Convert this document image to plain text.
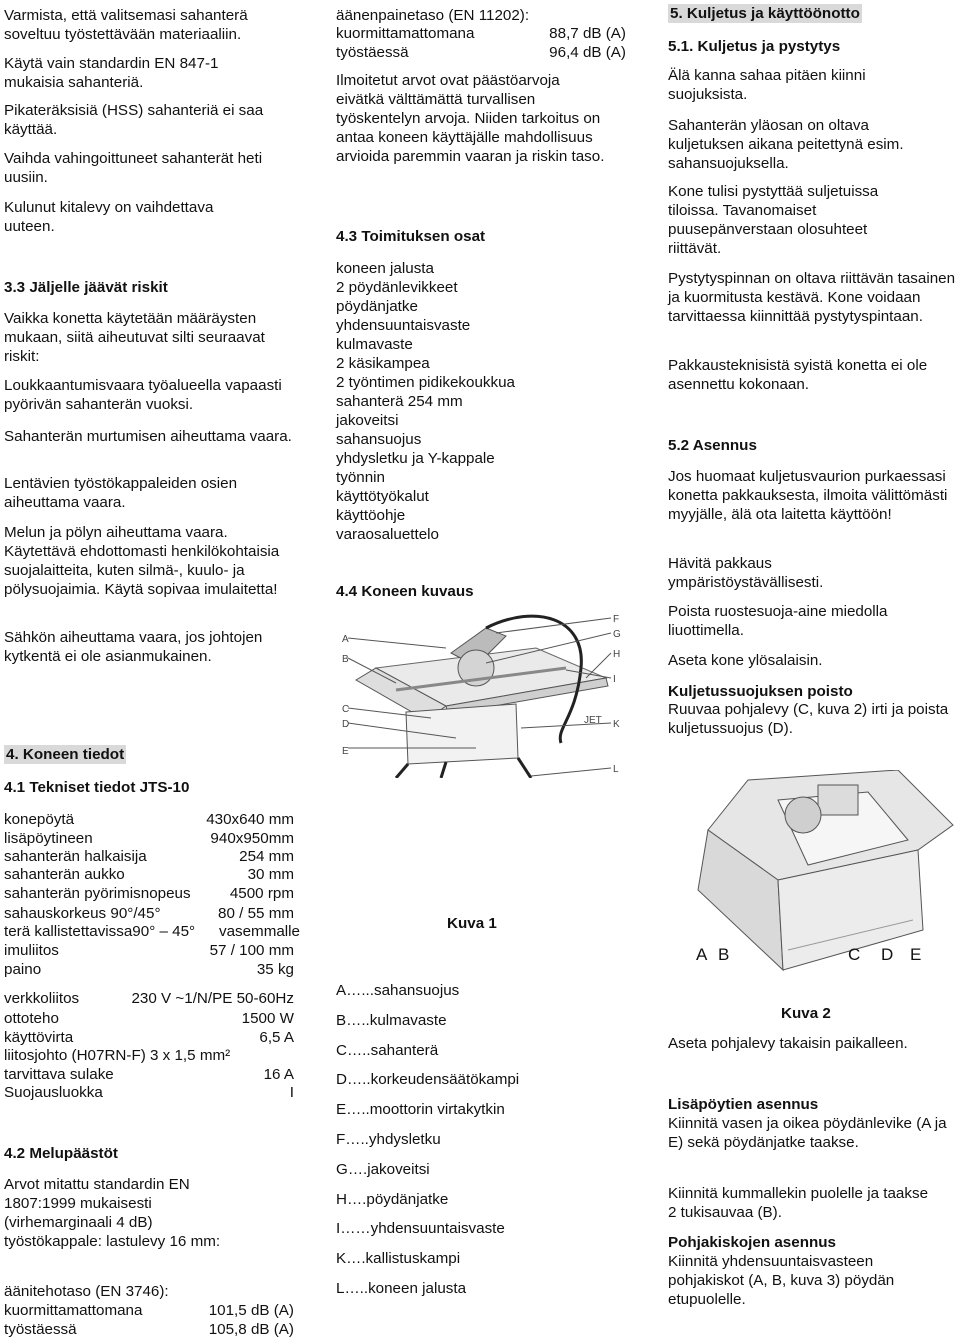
Varmista, että valitsemasi sahanterä soveltuu työstettävään materiaaliin.

Käytä vain standardin EN 847-1 mukaisia sahanteriä.

Pikateräksisiä (HSS) sahanteriä ei saa käyttää.

Vaihda vahingoittuneet sahanterät heti uusiin.

Kulunut kitalevy on vaihdettava uuteen.

3.3 Jäljelle jäävät riskit

Vaikka konetta käytetään määräysten mukaan, siitä aiheutuvat silti seuraavat riskit:

Loukkaantumisvaara työalueella vapaasti pyörivän sahanterän vuoksi.

Sahanterän murtumisen aiheuttama vaara.

Lentävien työstökappaleiden osien aiheuttama vaara.

Melun ja pölyn aiheuttama vaara. Käytettävä ehdottomasti henkilökohtaisia suojalaitteita, kuten silmä-, kuulo- ja pölysuojaimia. Käytä sopivaa imulaitetta!

Sähkön aiheuttama vaara, jos johtojen kytkentä ei ole asianmukainen.

4. Koneen tiedot

4.1 Tekniset tiedot JTS-10

konepöytä	430x640 mm
lisäpöytineen	940x950mm
sahanterän halkaisija	254 mm
sahanterän aukko	30 mm
sahanterän pyörimisnopeus	4500 rpm
sahauskorkeus 90°/45°	80 / 55 mm
terä kallistettavissa90° – 45° vasemmalle
imuliitos	57 / 100 mm
paino	35 kg
verkkoliitos	230 V ~1/N/PE 50-60Hz
ottoteho	1500 W
käyttövirta	6,5 A
liitosjohto (H07RN-F) 3 x 1,5 mm²
tarvittava sulake	16 A
Suojausluokka	I

4.2 Melupäästöt

Arvot mitattu standardin EN 1807:1999 mukaisesti (virhemarginaali 4 dB) työstökappale: lastulevy 16 mm:

äänitehotaso (EN 3746):

kuormittamattomana	101,5 dB (A)
työstäessä	105,8 dB (A)

äänenpainetaso (EN 11202):

kuormittamattomana	88,7 dB (A)
työstäessä	96,4 dB (A)

Ilmoitetut arvot ovat päästöarvoja eivätkä välttämättä turvallisen työskentelyn arvoja. Niiden tarkoitus on antaa koneen käyttäjälle mahdollisuus arvioida paremmin vaaran ja riskin taso.

4.3 Toimituksen osat

koneen jalusta

2 pöydänlevikkeet

pöydänjatke

yhdensuuntaisvaste

kulmavaste

2 käsikampea

2 työntimen pidikekoukkua

sahanterä 254 mm

jakoveitsi

sahansuojus

yhdysletku ja Y-kappale

työnnin

käyttötyökalut

käyttöohje

varaosaluettelo

4.4 Koneen kuvaus

JET
A
B
C
D
E
F
G
H
I
K
L

Kuva 1

A…...sahansuojus

B…..kulmavaste

C…..sahanterä

D…..korkeudensäätökampi

E…..moottorin virtakytkin

F…..yhdysletku

G….jakoveitsi

H….pöydänjatke

I……yhdensuuntaisvaste

K….kallistuskampi

L…..koneen jalusta

5. Kuljetus ja käyttöönotto

5.1. Kuljetus ja pystytys

Älä kanna sahaa pitäen kiinni suojuksista.

Sahanterän yläosan on oltava kuljetuksen aikana peitettynä esim. sahansuojuksella.

Kone tulisi pystyttää suljetuissa tiloissa. Tavanomaiset puusepänverstaan olosuhteet riittävät.

Pystytyspinnan on oltava riittävän tasainen ja kuormitusta kestävä. Kone voidaan tarvittaessa kiinnittää pystytyspintaan.

Pakkausteknisistä syistä konetta ei ole asennettu kokonaan.

5.2 Asennus

Jos huomaat kuljetusvaurion purkaessasi konetta pakkauksesta, ilmoita välittömästi myyjälle, älä ota laitetta käyttöön!

Hävitä pakkaus ympäristöystävällisesti.

Poista ruostesuoja-aine miedolla liuottimella.

Aseta kone ylösalaisin.

Kuljetussuojuksen poisto

Ruuvaa pohjalevy (C, kuva 2) irti ja poista kuljetussuojus (D).

A B	C D E

Kuva 2

Aseta pohjalevy takaisin paikalleen.

Lisäpöytien asennus

Kiinnitä vasen ja oikea pöydänlevike (A ja E) sekä pöydänjatke taakse.

Kiinnitä kummallekin puolelle ja taakse 2 tukisauvaa (B).

Pohjakiskojen asennus

Kiinnitä yhdensuuntaisvasteen pohjakiskot (A, B, kuva 3) pöydän etupuolelle.
